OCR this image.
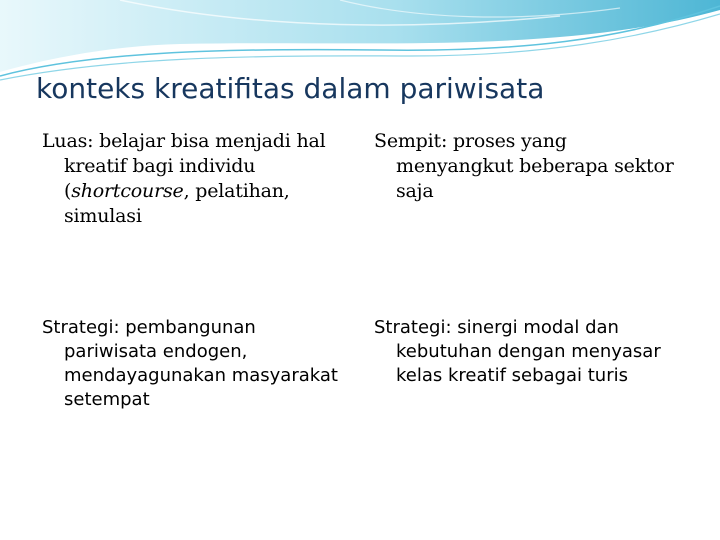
konteks kreatifitas dalam pariwisata

Luas: belajar bisa menjadi hal kreatif bagi individu (shortcourse, pelatihan, simulasi

Sempit: proses yang menyangkut beberapa sektor saja

Strategi: pembangunan pariwisata endogen, mendayagunakan masyarakat setempat

Strategi: sinergi modal dan kebutuhan dengan menyasar kelas kreatif sebagai turis
